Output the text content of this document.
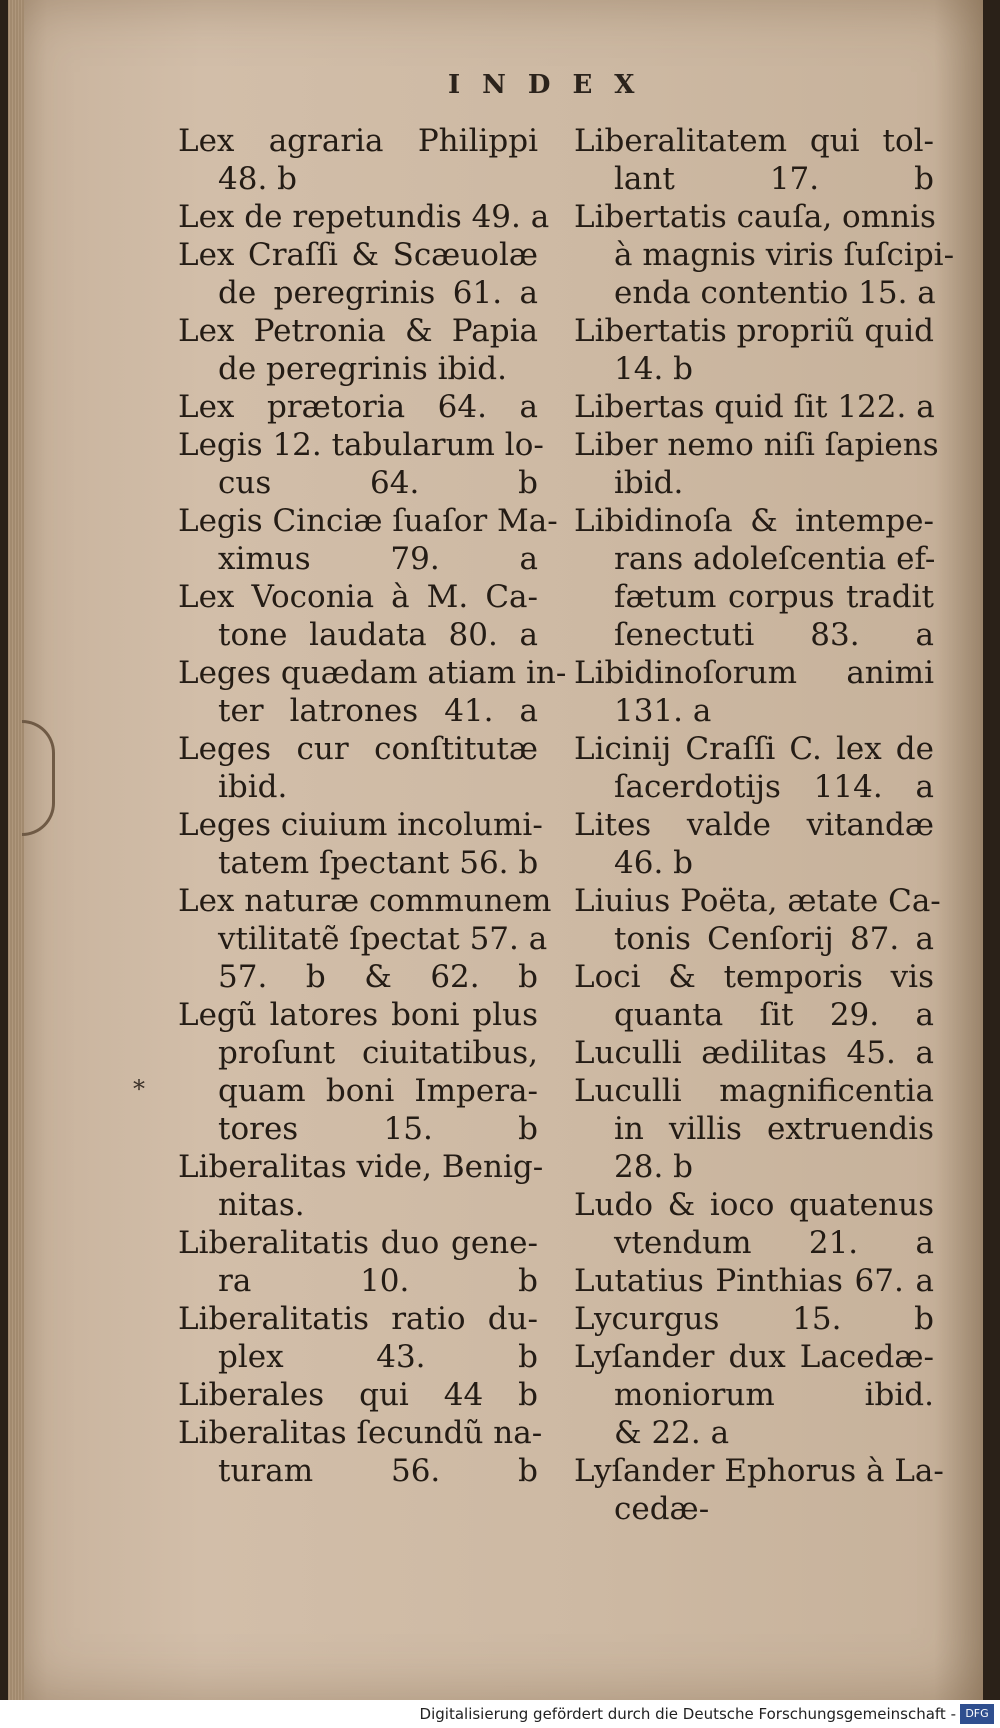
INDEX
Lex agraria Philippi
48. b
Lex de repetundis 49. a
Lex Craſſi & Scæuolæ
de peregrinis 61. a
Lex Petronia & Papia
de peregrinis ibid.
Lex prætoria 64. a
Legis 12. tabularum lo-
cus 64. b
Legis Cinciæ ſuaſor Ma-
ximus 79. a
Lex Voconia à M. Ca-
tone laudata 80. a
Leges quædam atiam in-
ter latrones 41. a
Leges cur conſtitutæ
ibid.
Leges ciuium incolumi-
tatem ſpectant 56. b
Lex naturæ communem
vtilitatẽ ſpectat 57. a
57. b & 62. b
Legũ latores boni plus
proſunt ciuitatibus,
quam boni Impera-
tores 15. b
Liberalitas vide, Benig-
nitas.
Liberalitatis duo gene-
ra 10. b
Liberalitatis ratio du-
plex 43. b
Liberales qui 44 b
Liberalitas ſecundũ na-
turam 56. b
Liberalitatem qui tol-
lant 17. b
Libertatis cauſa, omnis
à magnis viris ſuſcipi-
enda contentio 15. a
Libertatis propriũ quid
14. b
Libertas quid ſit 122. a
Liber nemo niſi ſapiens
ibid.
Libidinoſa & intempe-
rans adoleſcentia ef-
fætum corpus tradit
ſenectuti 83. a
Libidinoſorum animi
131. a
Licinij Craſſi C. lex de
ſacerdotijs 114. a
Lites valde vitandæ
46. b
Liuius Poëta, ætate Ca-
tonis Cenſorij 87. a
Loci & temporis vis
quanta ſit 29. a
Luculli ædilitas 45. a
Luculli magnificentia
in villis extruendis
28. b
Ludo & ioco quatenus
vtendum 21. a
Lutatius Pinthias 67. a
Lycurgus 15. b
Lyſander dux Lacedæ-
moniorum ibid.
& 22. a
Lyſander Ephorus à La-
cedæ-
*
Digitalisierung gefördert durch die Deutsche Forschungsgemeinschaft - DFG
